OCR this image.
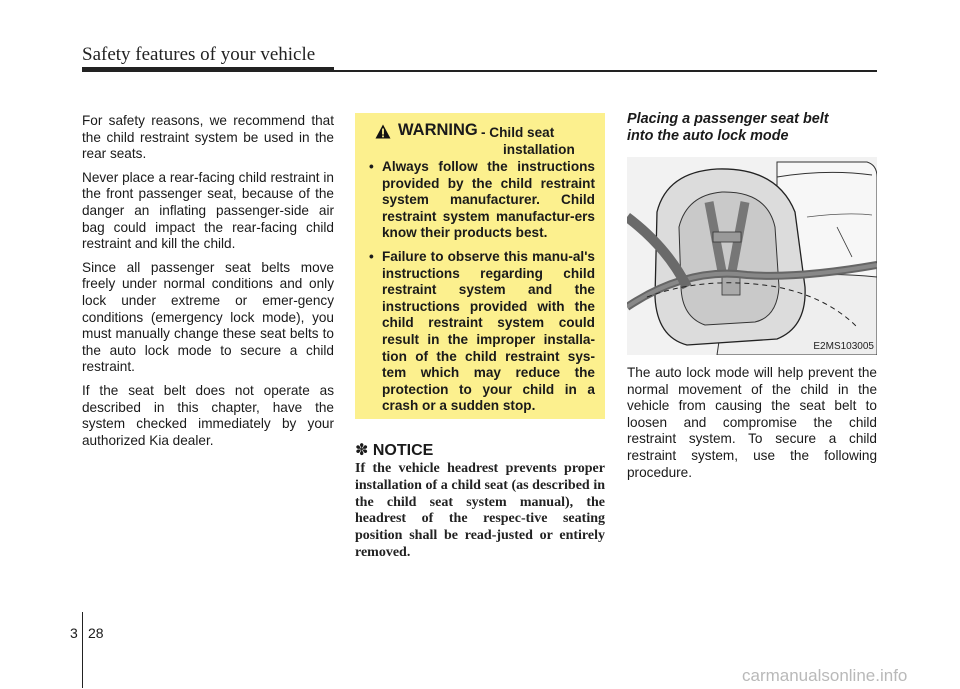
Safety features of your vehicle

For safety reasons, we recommend that the child restraint system be used in the rear seats.

Never place a rear-facing child restraint in the front passenger seat, because of the danger an inflating passenger-side air bag could impact the rear-facing child restraint and kill the child.

Since all passenger seat belts move freely under normal conditions and only lock under extreme or emer-gency conditions (emergency lock mode), you must manually change these seat belts to the auto lock mode to secure a child restraint.

If the seat belt does not operate as described in this chapter, have the system checked immediately by your authorized Kia dealer.

WARNING - Child seat
installation
• Always follow the instructions provided by the child restraint system manufacturer. Child restraint system manufactur-ers know their products best.
• Failure to observe this manu-al's instructions regarding child restraint system and the instructions provided with the child restraint system could result in the improper installa-tion of the child restraint sys-tem which may reduce the protection to your child in a crash or a sudden stop.
✽ NOTICE
If the vehicle headrest prevents proper installation of a child seat (as described in the child seat system manual), the headrest of the respec-tive seating position shall be read-justed or entirely removed.
Placing a passenger seat belt
into the auto lock mode
E2MS103005

The auto lock mode will help prevent the normal movement of the child in the vehicle from causing the seat belt to loosen and compromise the child restraint system. To secure a child restraint system, use the following procedure.

3 28
carmanualsonline.info
